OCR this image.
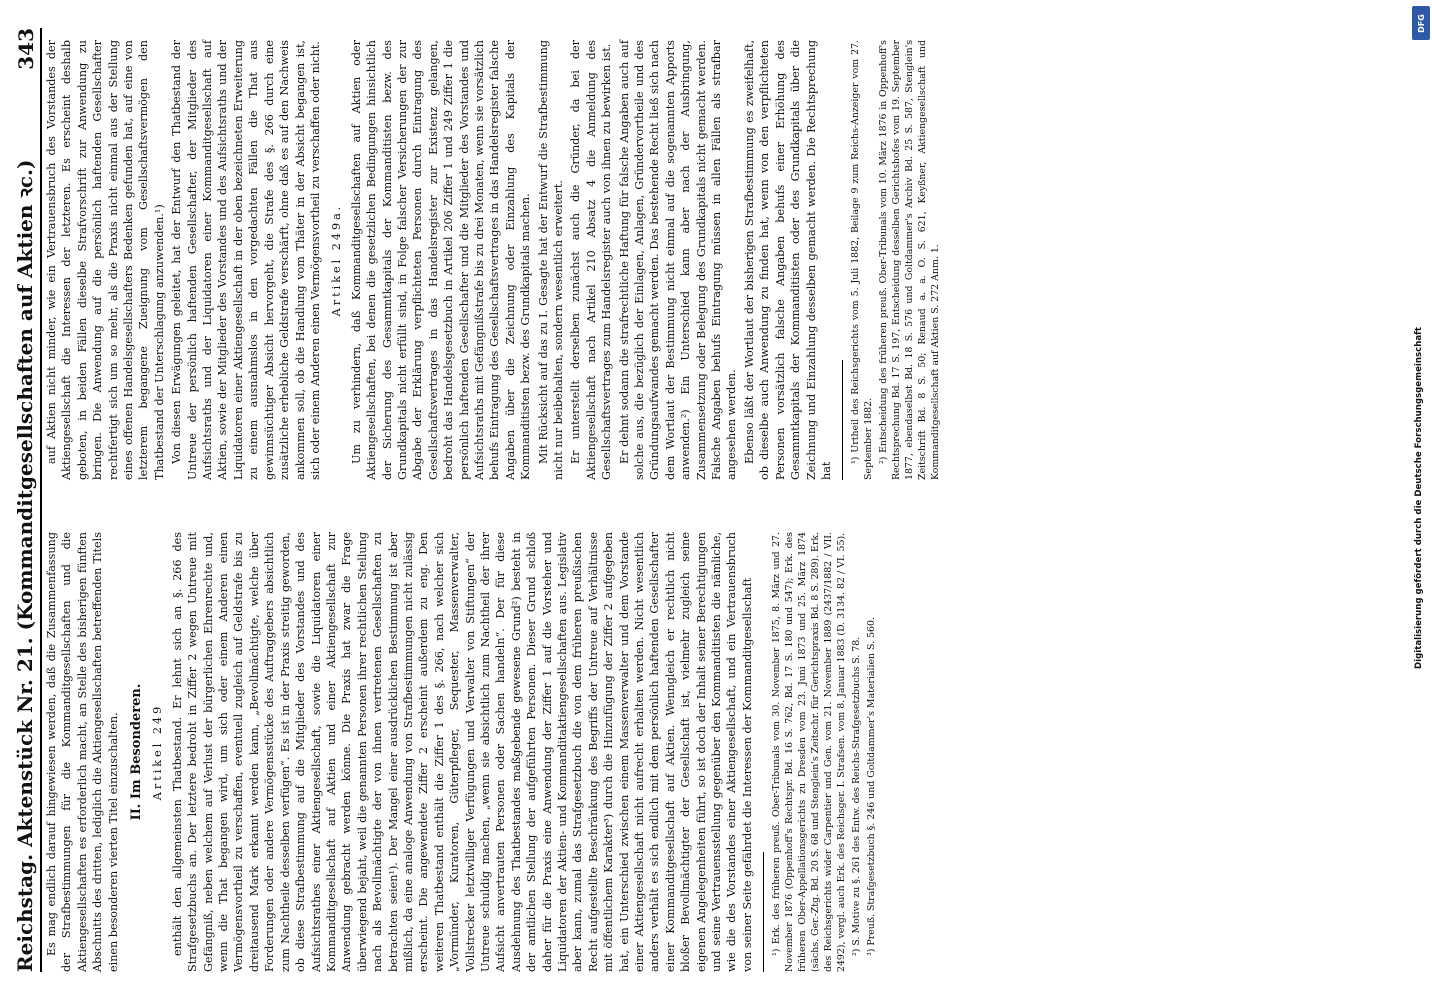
Reichstag. Aktenstück Nr. 21. (Kommanditgesellschaften auf Aktien ꝛc.)
343

Es mag endlich darauf hingewiesen werden, daß die Zusammenfassung der Strafbestimmungen für die Kommanditgesellschaften und die Aktiengesellschaften es erforderlich macht, an Stelle des bisherigen fünften Abschnitts des dritten, lediglich die Aktiengesellschaften betreffenden Titels einen besonderen vierten Titel einzuschalten. II. Im Besonderen. Artikel 249 enthält den allgemeinsten Thatbestand. Er lehnt sich an §. 266 des Strafgesetzbuchs an. Der letztere bedroht in Ziffer 2 wegen Untreue mit Gefängniß, neben welchem auf Verlust der bürgerlichen Ehrenrechte und, wenn die That begangen wird, um sich oder einem Anderen einen Vermögensvortheil zu verschaffen, eventuell zugleich auf Geldstrafe bis zu dreitausend Mark erkannt werden kann, „Bevollmächtigte, welche über Forderungen oder andere Vermögensstücke des Auftraggebers absichtlich zum Nachtheile desselben verfügen“. Es ist in der Praxis streitig geworden, ob diese Strafbestimmung auf die Mitglieder des Vorstandes und des Aufsichtsrathes einer Aktiengesellschaft, sowie die Liquidatoren einer Kommanditgesellschaft auf Aktien und einer Aktiengesellschaft zur Anwendung gebracht werden könne. Die Praxis hat zwar die Frage überwiegend bejaht, weil die genannten Personen ihrer rechtlichen Stellung nach als Bevollmächtigte der von ihnen vertretenen Gesellschaften zu betrachten seien¹). Der Mangel einer ausdrücklichen Bestimmung ist aber mißlich, da eine analoge Anwendung von Strafbestimmungen nicht zulässig erscheint. Die angewendete Ziffer 2 erscheint außerdem zu eng. Den weiteren Thatbestand enthält die Ziffer 1 des §. 266, nach welcher sich „Vormünder, Kuratoren, Güterpfleger, Sequester, Massenverwalter, Vollstrecker letztwilliger Verfügungen und Verwalter von Stiftungen“ der Untreue schuldig machen, „wenn sie absichtlich zum Nachtheil der ihrer Aufsicht anvertrauten Personen oder Sachen handeln“. Der für diese Ausdehnung des Thatbestandes maßgebende gewesene Grund²) besteht in der amtlichen Stellung der aufgeführten Personen. Dieser Grund schloß daher für die Praxis eine Anwendung der Ziffer 1 auf die Vorsteher und Liquidatoren der Aktien- und Kommanditaktiengesellschaften aus. Legislativ aber kann, zumal das Strafgesetzbuch die von dem früheren preußischen Recht aufgestellte Beschränkung des Begriffs der Untreue auf Verhältnisse mit öffentlichem Karakter³) durch die Hinzufügung der Ziffer 2 aufgegeben hat, ein Unterschied zwischen einem Massenverwalter und dem Vorstande einer Aktiengesellschaft nicht aufrecht erhalten werden. Nicht wesentlich anders verhält es sich endlich mit dem persönlich haftenden Gesellschafter einer Kommanditgesellschaft auf Aktien. Wenngleich er rechtlich nicht bloßer Bevollmächtigter der Gesellschaft ist, vielmehr zugleich seine eigenen Angelegenheiten führt, so ist doch der Inhalt seiner Berechtigungen und seine Vertrauensstellung gegenüber den Kommanditisten die nämliche, wie die des Vorstandes einer Aktiengesellschaft, und ein Vertrauensbruch von seiner Seite gefährdet die Interessen der Kommanditgesellschaft ¹) Erk. des früheren preuß. Ober-Tribunals vom 30. November 1875, 8. März und 27. November 1876 (Oppenhoff's Rechtspr. Bd. 16 S. 762, Bd. 17 S. 180 und 547); Erk. des früheren Ober-Appellationsgerichts zu Dresden vom 23. Juni 1873 und 25. März 1874 (sächs. Ger.-Ztg. Bd. 20 S. 68 und Stenglein's Zeitschr. für Gerichtspraxis Bd. 8 S. 289). Erk. des Reichsgerichts wider Carpentier und Gen. vom 21. November 1889 (2437/1882 / VII. 2492), vergl. auch Erk. des Reichsger. I. Strafsen. vom 8. Januar 1883 (D. 3134. 82 / VI. 55). ²) S. Motive zu §. 261 des Entw. des Reichs-Strafgesetzbuchs S. 78. ³) Preuß. Strafgesetzbuch §. 246 und Goltdammer's Materialien S. 560.

auf Aktien nicht minder, wie ein Vertrauensbruch des Vorstandes der Aktiengesellschaft die Interessen der letzteren. Es erscheint deshalb geboten, in beiden Fällen dieselbe Strafvorschrift zur Anwendung zu bringen. Die Anwendung auf die persönlich haftenden Gesellschafter rechtfertigt sich um so mehr, als die Praxis nicht einmal aus der Stellung eines offenen Handelsgesellschafters Bedenken gefunden hat, auf eine von letzterem begangene Zueignung vom Gesellschaftsvermögen den Thatbestand der Unterschlagung anzuwenden.¹) Von diesen Erwägungen geleitet, hat der Entwurf den Thatbestand der Untreue der persönlich haftenden Gesellschafter, der Mitglieder des Aufsichtsraths und der Liquidatoren einer Kommanditgesellschaft auf Aktien, sowie der Mitglieder des Vorstandes und des Aufsichtsraths und der Liquidatoren einer Aktiengesellschaft in der oben bezeichneten Erweiterung zu einem ausnahmslos in den vorgedachten Fällen die That aus gewinnsüchtiger Absicht hervorgeht, die Strafe des §. 266 durch eine zusätzliche erhebliche Geldstrafe verschärft, ohne daß es auf den Nachweis ankommen soll, ob die Handlung vom Thäter in der Absicht begangen ist, sich oder einem Anderen einen Vermögensvortheil zu verschaffen oder nicht. Artikel 249a. Um zu verhindern, daß Kommanditgesellschaften auf Aktien oder Aktiengesellschaften, bei denen die gesetzlichen Bedingungen hinsichtlich der Sicherung des Gesammtkapitals der Kommanditisten bezw. des Grundkapitals nicht erfüllt sind, in Folge falscher Versicherungen der zur Abgabe der Erklärung verpflichteten Personen durch Eintragung des Gesellschaftsvertrages in das Handelsregister zur Existenz gelangen, bedroht das Handelsgesetzbuch in Artikel 206 Ziffer 1 und 249 Ziffer 1 die persönlich haftenden Gesellschafter und die Mitglieder des Vorstandes und Aufsichtsraths mit Gefängnißstrafe bis zu drei Monaten, wenn sie vorsätzlich behufs Eintragung des Gesellschaftsvertrages in das Handelsregister falsche Angaben über die Zeichnung oder Einzahlung des Kapitals der Kommanditisten bezw. des Grundkapitals machen. Mit Rücksicht auf das zu I. Gesagte hat der Entwurf die Strafbestimmung nicht nur beibehalten, sondern wesentlich erweitert. Er unterstellt derselben zunächst auch die Gründer, da bei der Aktiengesellschaft nach Artikel 210 Absatz 4 die Anmeldung des Gesellschaftsvertrages zum Handelsregister auch von ihnen zu bewirken ist. Er dehnt sodann die strafrechtliche Haftung für falsche Angaben auch auf solche aus, die bezüglich der Einlagen, Anlagen, Gründervortheile und des Gründungsaufwandes gemacht werden. Das bestehende Recht ließ sich nach dem Wortlaut der Bestimmung nicht einmal auf die sogenannten Apports anwenden.²) Ein Unterschied kann aber nach der Ausbringung, Zusammensetzung oder Belegung des Grundkapitals nicht gemacht werden. Falsche Angaben behufs Eintragung müssen in allen Fällen als strafbar angesehen werden. Ebenso läßt der Wortlaut der bisherigen Strafbestimmung es zweifelhaft, ob dieselbe auch Anwendung zu finden hat, wenn von den verpflichteten Personen vorsätzlich falsche Angaben behufs einer Erhöhung des Gesammtkapitals der Kommanditisten oder des Grundkapitals über die Zeichnung und Einzahlung desselben gemacht werden. Die Rechtsprechung hat

¹) Urtheil des Reichsgerichts vom 5. Juli 1882, Beilage 9 zum Reichs-Anzeiger vom 27. September 1882. ²) Entscheidung des früheren preuß. Ober-Tribunals vom 10. März 1876 in Oppenhoff's Rechtsprechung Bd. 17 S. 197, Entscheidung desselben Gerichtshofes vom 19. September 1877, ebendaselbst Bd. 18 S. 576 und Goltdammer's Archiv Bd. 25 S. 587, Stenglein's Zeitschrift Bd. 8 S. 50; Renaud a. a. O. S. 621, Keyßner, Aktiengesellschaft und Kommanditgesellschaft auf Aktien S. 272 Anm. 1.	Digitalisierung gefördert durch die Deutsche Forschungsgemeinschaft
DFG
